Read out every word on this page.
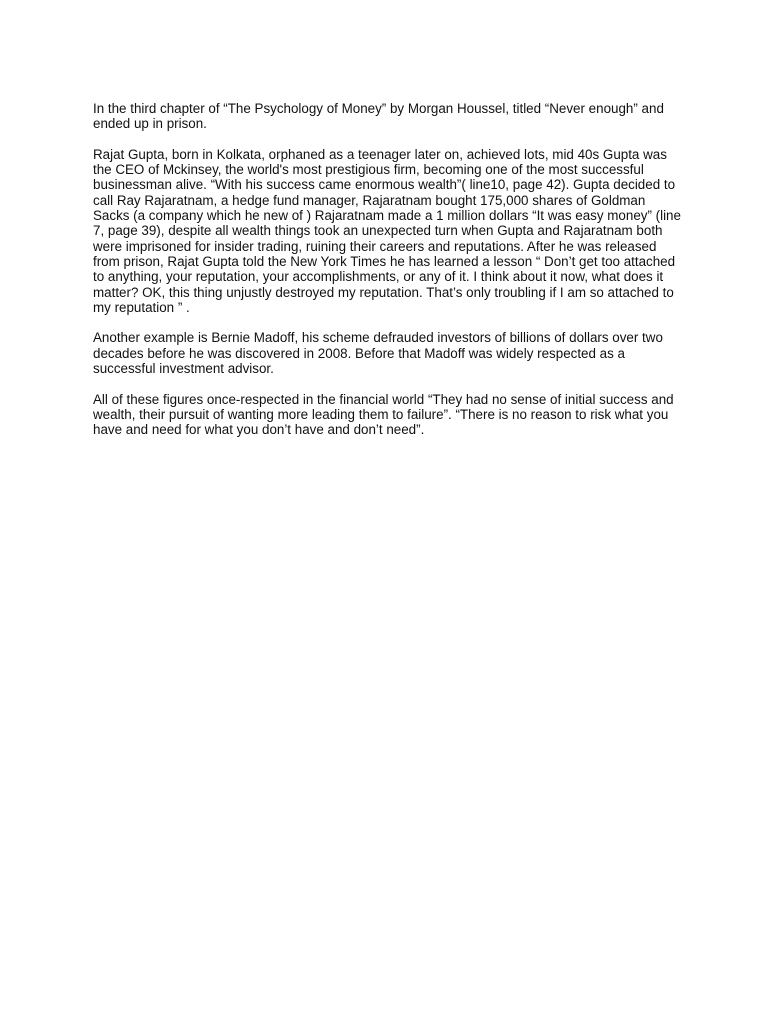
In the third chapter of “The Psychology of Money” by Morgan Houssel, titled “Never enough” and ended up in prison.

Rajat Gupta, born in Kolkata, orphaned as a teenager later on, achieved lots, mid 40s Gupta was the CEO of Mckinsey, the world's most prestigious firm, becoming one of the most successful businessman alive. “With his success came enormous wealth”( line10, page 42). Gupta decided to call Ray Rajaratnam, a hedge fund manager, Rajaratnam bought 175,000 shares of Goldman Sacks (a company which he new of ) Rajaratnam made a 1 million dollars “It was easy money” (line 7, page 39), despite all wealth things took an unexpected turn when Gupta and Rajaratnam both were imprisoned for insider trading, ruining their careers and reputations. After he was released from prison, Rajat Gupta told the New York Times he has learned a lesson “ Don’t get too attached to anything, your reputation, your accomplishments, or any of it. I think about it now, what does it matter? OK, this thing unjustly destroyed my reputation. That’s only troubling if I am so attached to my reputation ” .

Another example is Bernie Madoff, his scheme defrauded investors of billions of dollars over two decades before he was discovered in 2008. Before that Madoff was widely respected as a successful investment advisor.

All of these figures once-respected in the financial world “They had no sense of initial success and wealth, their pursuit of wanting more leading them to failure”. “There is no reason to risk what you have and need for what you don’t have and don’t need”.
